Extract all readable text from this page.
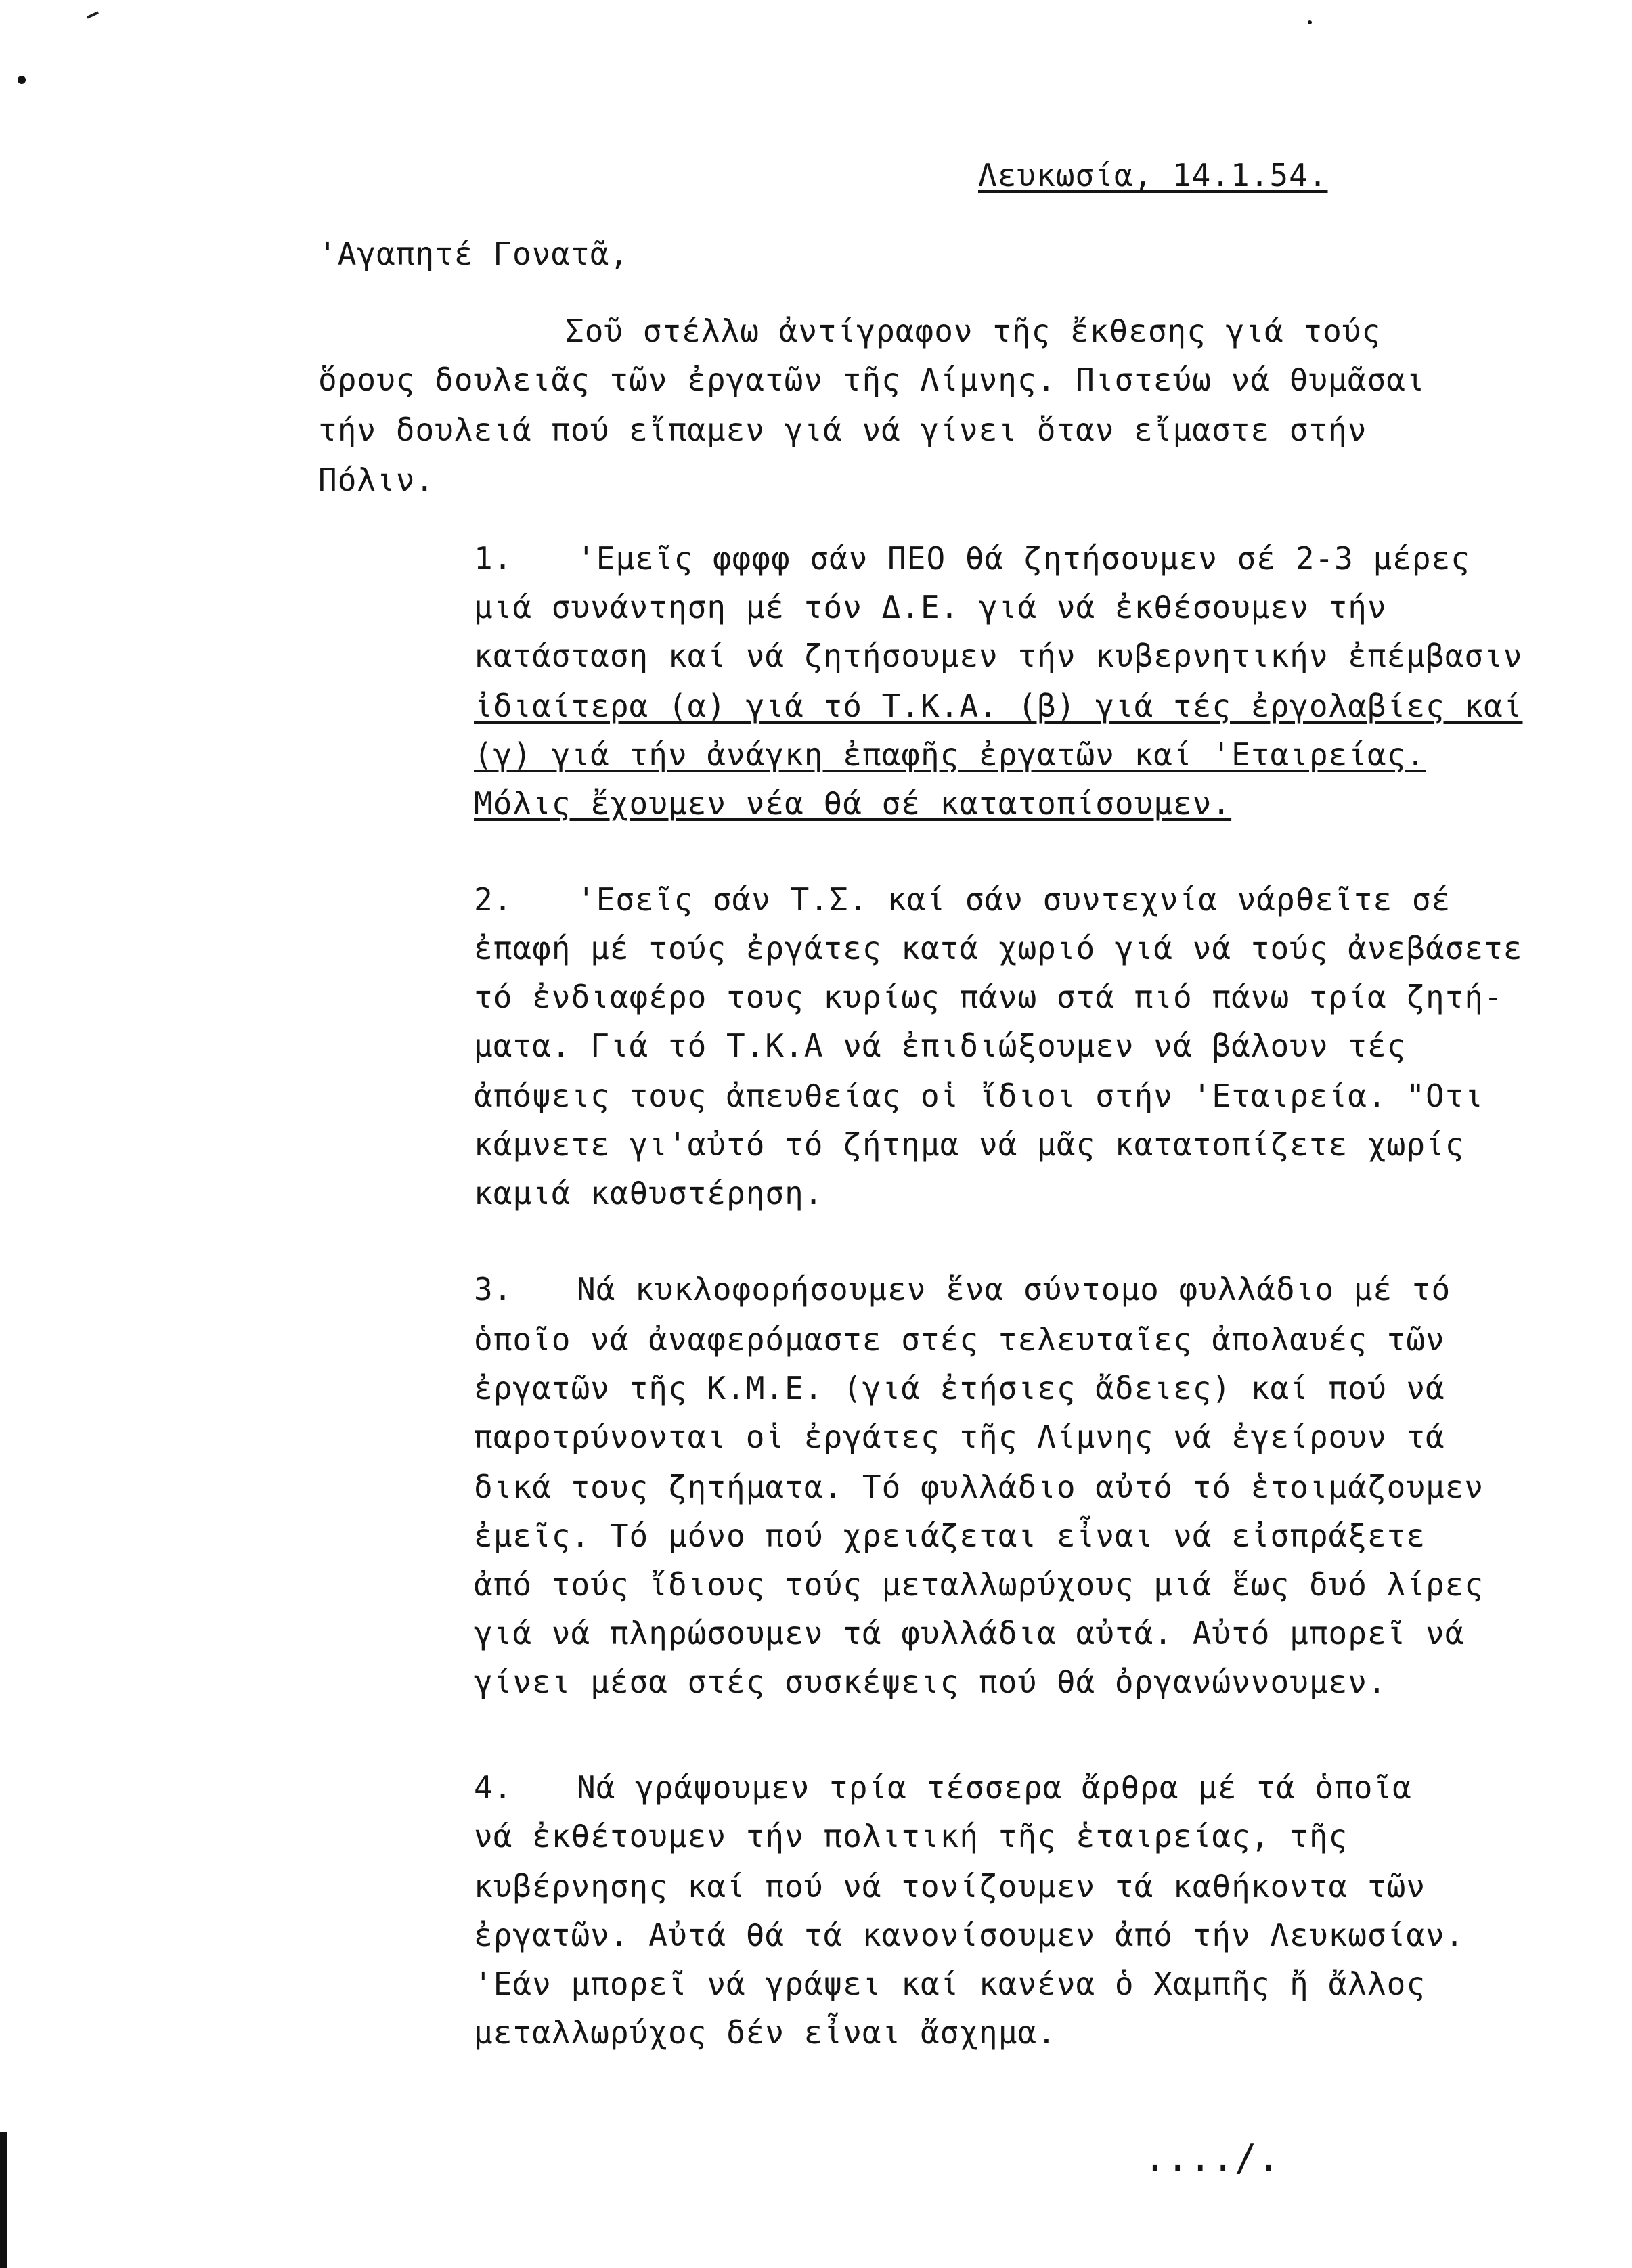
Λευκωσία, 14.1.54.

'Αγαπητέ Γονατᾶ,

Σοῦ στέλλω ἀντίγραφον τῆς ἔκθεσης γιά τούς

ὅρους δουλειᾶς τῶν ἐργατῶν τῆς Λίμνης. Πιστεύω νά θυμᾶσαι

τήν δουλειά πού εἴπαμεν γιά νά γίνει ὅταν εἴμαστε στήν

Πόλιν.

1. 'Εμεῖς φφφφ σάν ΠΕΟ θά ζητήσουμεν σέ 2-3 μέρες

μιά συνάντηση μέ τόν Δ.Ε. γιά νά ἐκθέσουμεν τήν

κατάσταση καί νά ζητήσουμεν τήν κυβερνητικήν ἐπέμβασιν

ἰδιαίτερα (α) γιά τό Τ.Κ.Α. (β) γιά τές ἐργολαβίες καί

(γ) γιά τήν ἀνάγκη ἐπαφῆς ἐργατῶν καί 'Εταιρείας.

Μόλις ἔχουμεν νέα θά σέ κατατοπίσουμεν.

2. 'Εσεῖς σάν Τ.Σ. καί σάν συντεχνία νάρθεῖτε σέ

ἐπαφή μέ τούς ἐργάτες κατά χωριό γιά νά τούς ἀνεβάσετε

τό ἐνδιαφέρο τους κυρίως πάνω στά πιό πάνω τρία ζητή-

ματα. Γιά τό Τ.Κ.Α νά ἐπιδιώξουμεν νά βάλουν τές

ἀπόψεις τους ἀπευθείας οἱ ἴδιοι στήν 'Εταιρεία. "Οτι

κάμνετε γι'αὐτό τό ζήτημα νά μᾶς κατατοπίζετε χωρίς

καμιά καθυστέρηση.

3. Νά κυκλοφορήσουμεν ἕνα σύντομο φυλλάδιο μέ τό

ὁποῖο νά ἀναφερόμαστε στές τελευταῖες ἀπολαυές τῶν

ἐργατῶν τῆς Κ.Μ.Ε. (γιά ἐτήσιες ἄδειες) καί πού νά

παροτρύνονται οἱ ἐργάτες τῆς Λίμνης νά ἐγείρουν τά

δικά τους ζητήματα. Τό φυλλάδιο αὐτό τό ἑτοιμάζουμεν

ἐμεῖς. Τό μόνο πού χρειάζεται εἶναι νά εἰσπράξετε

ἀπό τούς ἴδιους τούς μεταλλωρύχους μιά ἕως δυό λίρες

γιά νά πληρώσουμεν τά φυλλάδια αὐτά. Αὐτό μπορεῖ νά

γίνει μέσα στές συσκέψεις πού θά ὀργανώννουμεν.

4. Νά γράψουμεν τρία τέσσερα ἄρθρα μέ τά ὁποῖα

νά ἐκθέτουμεν τήν πολιτική τῆς ἑταιρείας, τῆς

κυβέρνησης καί πού νά τονίζουμεν τά καθήκοντα τῶν

ἐργατῶν. Αὐτά θά τά κανονίσουμεν ἀπό τήν Λευκωσίαν.

'Εάν μπορεῖ νά γράψει καί κανένα ὁ Χαμπῆς ἤ ἄλλος

μεταλλωρύχος δέν εἶναι ἄσχημα.

..../.
